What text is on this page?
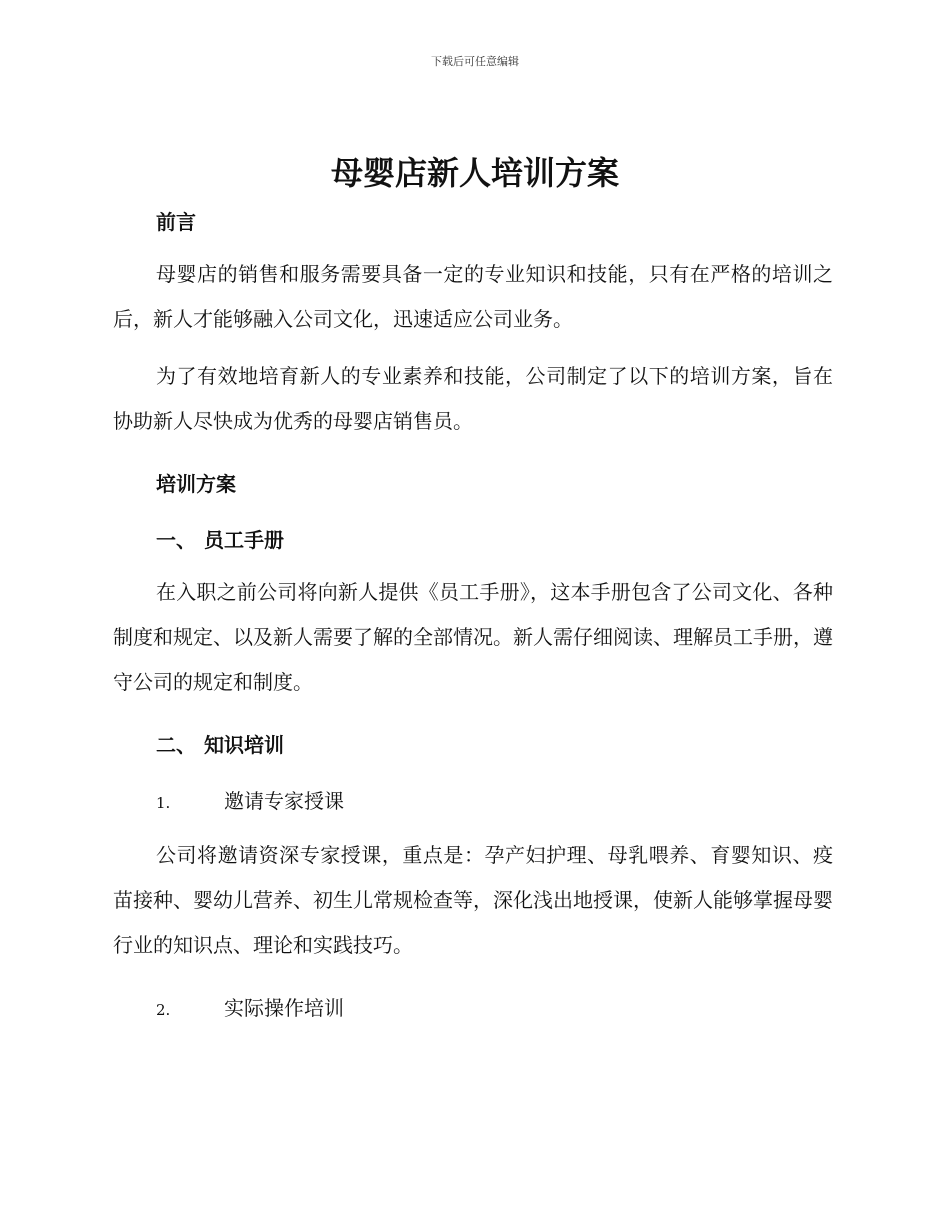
下载后可任意编辑
母婴店新人培训方案

前言

母婴店的销售和服务需要具备一定的专业知识和技能，只有在严格的培训之后，新人才能够融入公司文化，迅速适应公司业务。

为了有效地培育新人的专业素养和技能，公司制定了以下的培训方案，旨在协助新人尽快成为优秀的母婴店销售员。

培训方案

一、 员工手册

在入职之前公司将向新人提供《员工手册》，这本手册包含了公司文化、各种制度和规定、以及新人需要了解的全部情况。新人需仔细阅读、理解员工手册，遵守公司的规定和制度。

二、 知识培训

1.	邀请专家授课

公司将邀请资深专家授课，重点是：孕产妇护理、母乳喂养、育婴知识、疫苗接种、婴幼儿营养、初生儿常规检查等，深化浅出地授课，使新人能够掌握母婴行业的知识点、理论和实践技巧。

2.	实际操作培训
